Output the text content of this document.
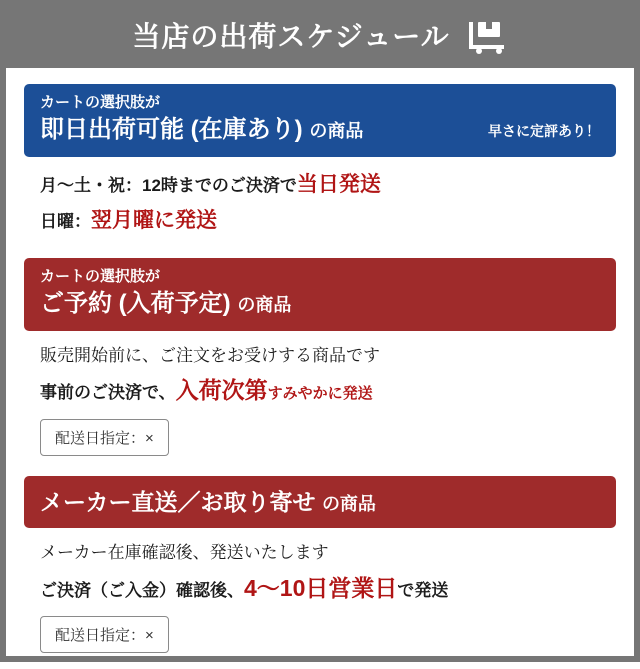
当店の出荷スケジュール
カートの選択肢が
即日出荷可能 (在庫あり) の商品	早さに定評あり！

月〜土・祝：12時までのご決済で当日発送

日曜：翌月曜に発送

カートの選択肢が
ご予約 (入荷予定) の商品

販売開始前に、ご注文をお受けする商品です

事前のご決済で、入荷次第すみやかに発送

配送日指定：×
メーカー直送／お取り寄せ の商品

メーカー在庫確認後、発送いたします

ご決済（ご入金）確認後、4〜10日営業日で発送

配送日指定：×
